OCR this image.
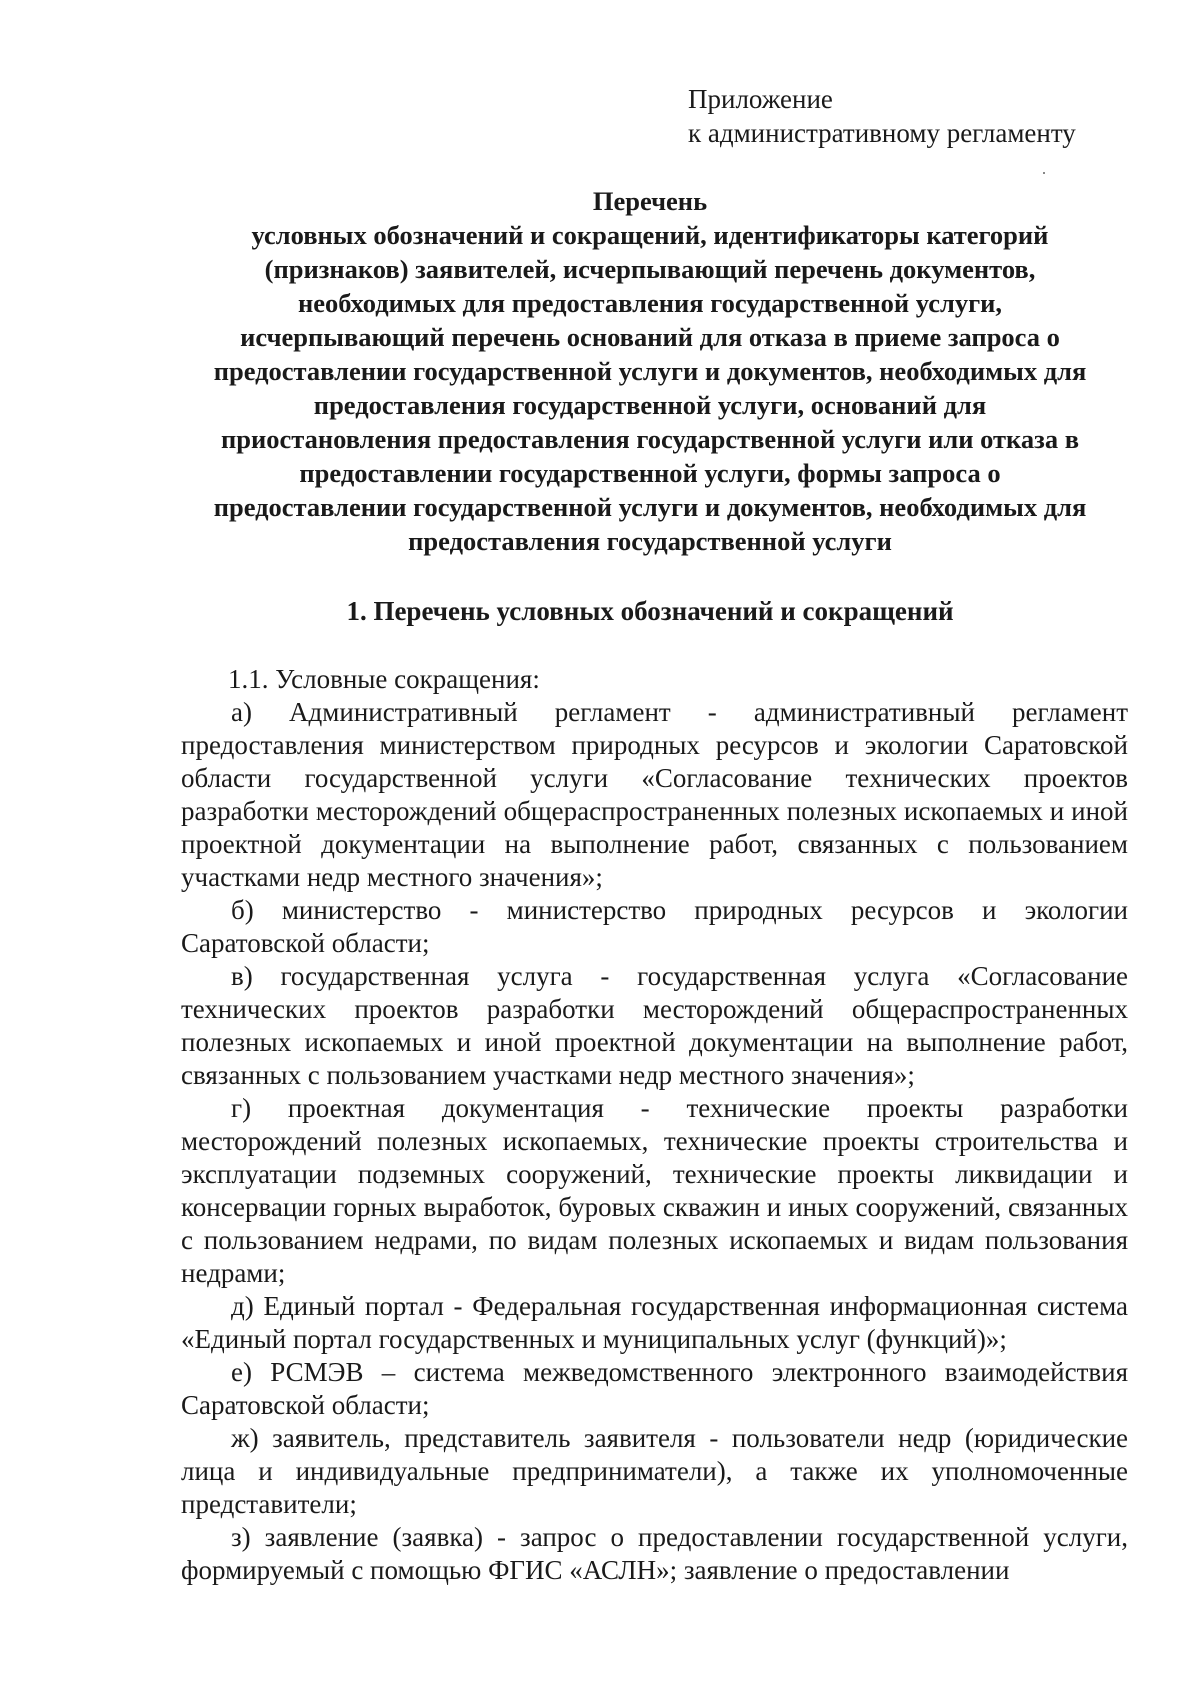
Приложение
к административному регламенту
Перечень
условных обозначений и сокращений, идентификаторы категорий
(признаков) заявителей, исчерпывающий перечень документов,
необходимых для предоставления государственной услуги,
исчерпывающий перечень оснований для отказа в приеме запроса о
предоставлении государственной услуги и документов, необходимых для
предоставления государственной услуги, оснований для
приостановления предоставления государственной услуги или отказа в
предоставлении государственной услуги, формы запроса о
предоставлении государственной услуги и документов, необходимых для
предоставления государственной услуги
1. Перечень условных обозначений и сокращений

1.1. Условные сокращения:

а) Административный регламент - административный регламент предоставления министерством природных ресурсов и экологии Саратовской области государственной услуги «Согласование технических проектов разработки месторождений общераспространенных полезных ископаемых и иной проектной документации на выполнение работ, связанных с пользованием участками недр местного значения»;

б) министерство - министерство природных ресурсов и экологии Саратовской области;

в) государственная услуга - государственная услуга «Согласование технических проектов разработки месторождений общераспространенных полезных ископаемых и иной проектной документации на выполнение работ, связанных с пользованием участками недр местного значения»;

г) проектная документация - технические проекты разработки месторождений полезных ископаемых, технические проекты строительства и эксплуатации подземных сооружений, технические проекты ликвидации и консервации горных выработок, буровых скважин и иных сооружений, связанных с пользованием недрами, по видам полезных ископаемых и видам пользования недрами;

д) Единый портал - Федеральная государственная информационная система «Единый портал государственных и муниципальных услуг (функций)»;

е) РСМЭВ – система межведомственного электронного взаимодействия Саратовской области;

ж) заявитель, представитель заявителя - пользователи недр (юридические лица и индивидуальные предприниматели), а также их уполномоченные представители;

з) заявление (заявка) - запрос о предоставлении государственной услуги, формируемый с помощью ФГИС «АСЛН»; заявление о предоставлении
